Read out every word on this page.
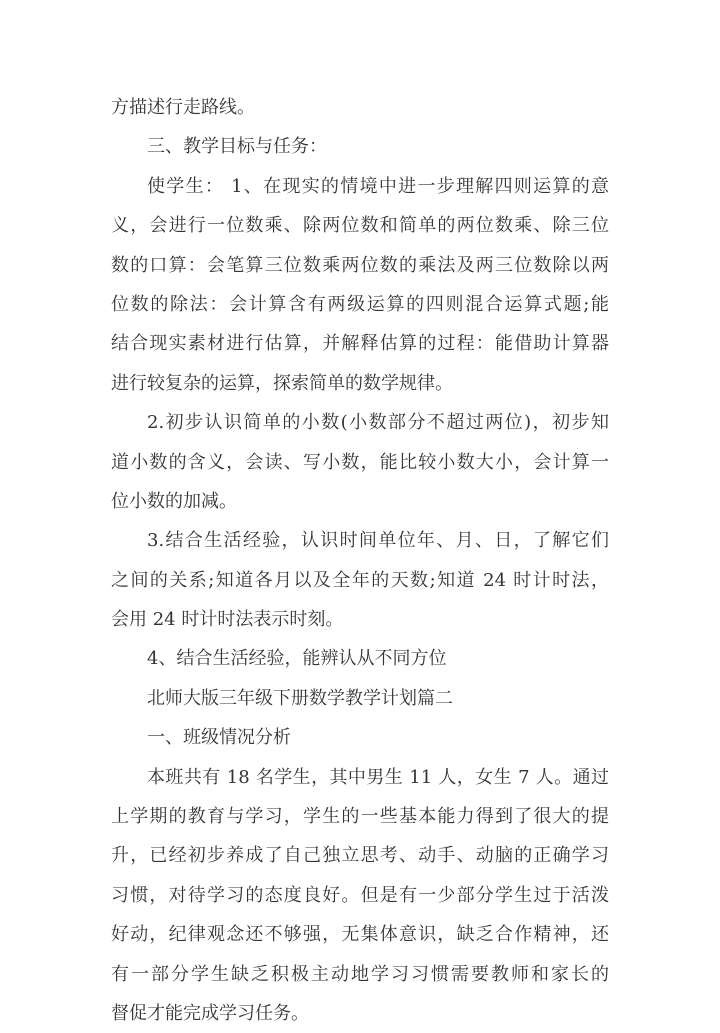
方描述行走路线。
三、教学目标与任务：
使学生： 1、在现实的情境中进一步理解四则运算的意
义，会进行一位数乘、除两位数和简单的两位数乘、除三位
数的口算：会笔算三位数乘两位数的乘法及两三位数除以两
位数的除法：会计算含有两级运算的四则混合运算式题;能
结合现实素材进行估算，并解释估算的过程：能借助计算器
进行较复杂的运算，探索简单的数学规律。
2.初步认识简单的小数(小数部分不超过两位)，初步知
道小数的含义，会读、写小数，能比较小数大小，会计算一
位小数的加减。
3.结合生活经验，认识时间单位年、月、日，了解它们
之间的关系;知道各月以及全年的天数;知道 24 时计时法，
会用 24 时计时法表示时刻。
4、结合生活经验，能辨认从不同方位
北师大版三年级下册数学教学计划篇二
一、班级情况分析
本班共有 18 名学生，其中男生 11 人，女生 7 人。通过
上学期的教育与学习，学生的一些基本能力得到了很大的提
升，已经初步养成了自己独立思考、动手、动脑的正确学习
习惯，对待学习的态度良好。但是有一少部分学生过于活泼
好动，纪律观念还不够强，无集体意识，缺乏合作精神，还
有一部分学生缺乏积极主动地学习习惯需要教师和家长的
督促才能完成学习任务。
